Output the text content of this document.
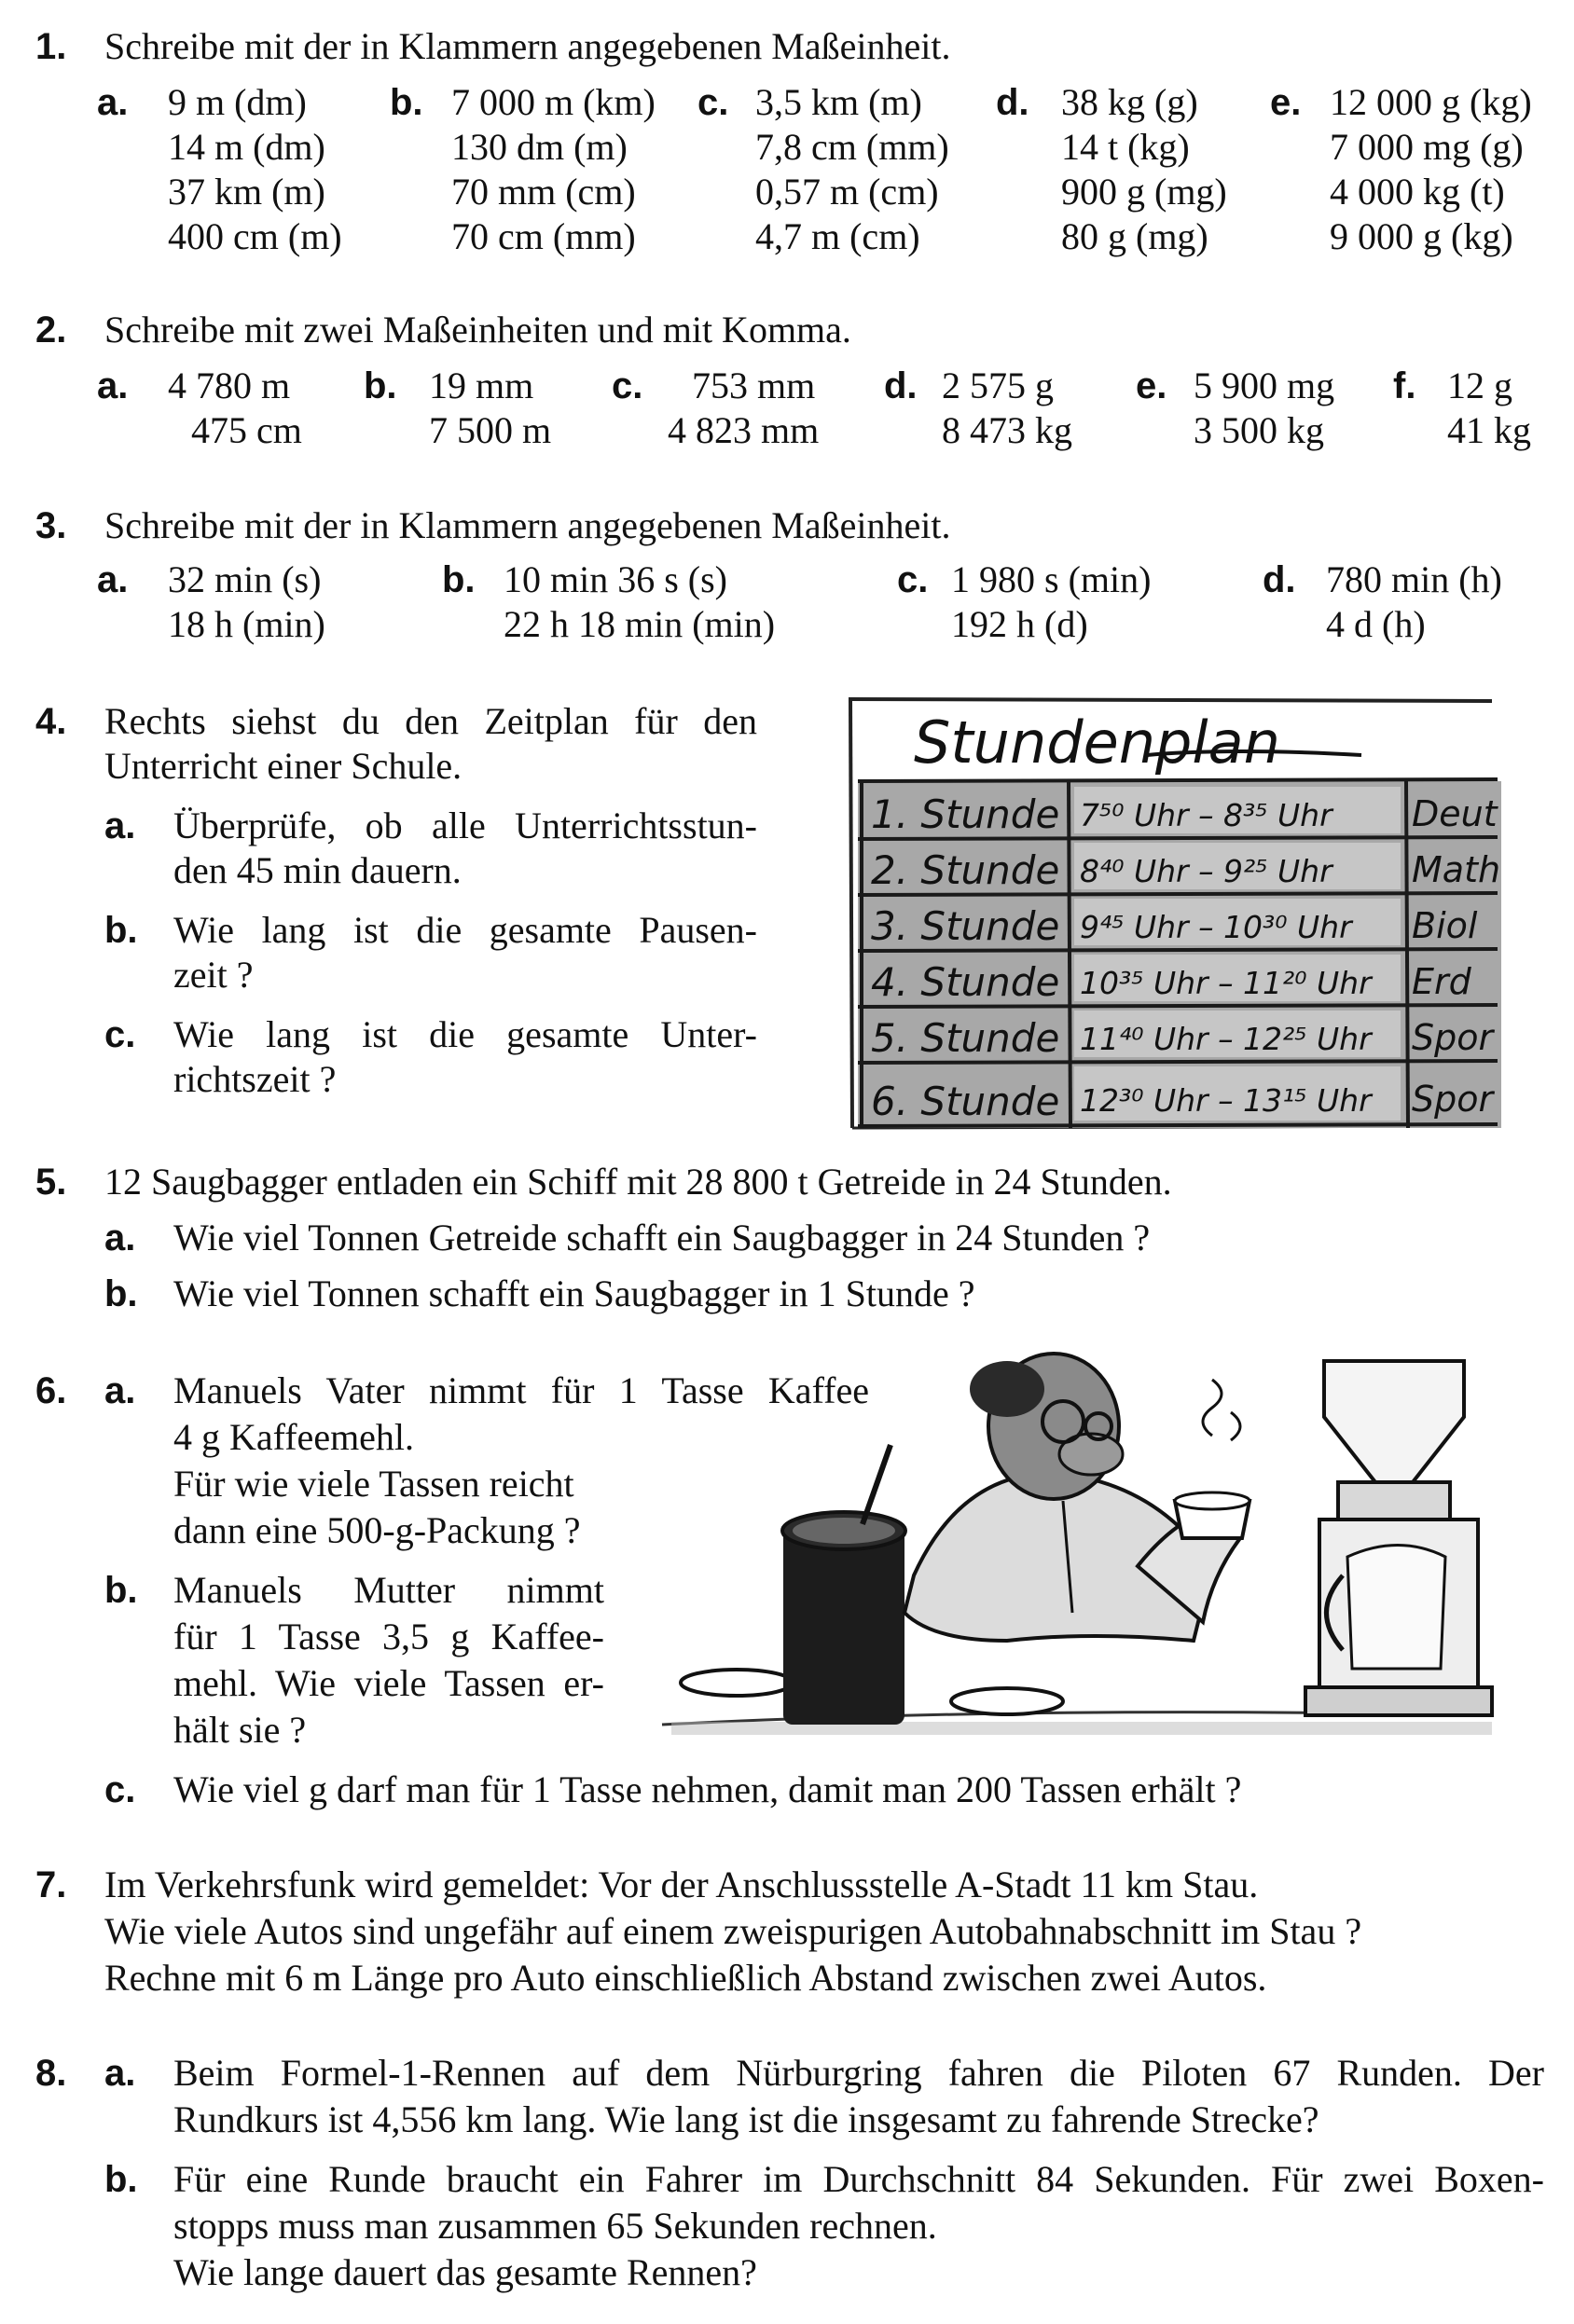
1. Schreibe mit der in Klammern angegebenen Maßeinheit.
a. 9 m (dm)
14 m (dm)
37 km (m)
400 cm (m)
b. 7 000 m (km)
130 dm (m)
70 mm (cm)
70 cm (mm)
c. 3,5 km (m)
7,8 cm (mm)
0,57 m (cm)
4,7 m (cm)
d. 38 kg (g)
14 t (kg)
900 g (mg)
80 g (mg)
e. 12 000 g (kg)
7 000 mg (g)
4 000 kg (t)
9 000 g (kg)
2. Schreibe mit zwei Maßeinheiten und mit Komma.
a. 4 780 m
475 cm
b. 19 mm
7 500 m
c. 753 mm
4 823 mm
d. 2 575 g
8 473 kg
e. 5 900 mg
3 500 kg
f. 12 g
41 kg
3. Schreibe mit der in Klammern angegebenen Maßeinheit.
a. 32 min (s)
18 h (min)
b. 10 min 36 s (s)
22 h 18 min (min)
c. 1 980 s (min)
192 h (d)
d. 780 min (h)
4 d (h)
4. Rechts siehst du den Zeitplan für den
Unterricht einer Schule.
a. Überprüfe, ob alle Unterrichtsstun-
den 45 min dauern.
b. Wie lang ist die gesamte Pausen-
zeit ?
c. Wie lang ist die gesamte Unter-
richtszeit ?
Stundenplan
1. Stunde
2. Stunde
3. Stunde
4. Stunde
5. Stunde
6. Stunde
7⁵⁰ Uhr – 8³⁵ Uhr
8⁴⁰ Uhr – 9²⁵ Uhr
9⁴⁵ Uhr – 10³⁰ Uhr
10³⁵ Uhr – 11²⁰ Uhr
11⁴⁰ Uhr – 12²⁵ Uhr
12³⁰ Uhr – 13¹⁵ Uhr
Deut
Math
Biol
Erd
Spor
Spor
5. 12 Saugbagger entladen ein Schiff mit 28 800 t Getreide in 24 Stunden.
a. Wie viel Tonnen Getreide schafft ein Saugbagger in 24 Stunden ?
b. Wie viel Tonnen schafft ein Saugbagger in 1 Stunde ?
6. a. Manuels Vater nimmt für 1 Tasse Kaffee
4 g Kaffeemehl.
Für wie viele Tassen reicht
dann eine 500-g-Packung ?
b. Manuels Mutter nimmt
für 1 Tasse 3,5 g Kaffee-
mehl. Wie viele Tassen er-
hält sie ?
c. Wie viel g darf man für 1 Tasse nehmen, damit man 200 Tassen erhält ?
7. Im Verkehrsfunk wird gemeldet: Vor der Anschlussstelle A-Stadt 11 km Stau.
Wie viele Autos sind ungefähr auf einem zweispurigen Autobahnabschnitt im Stau ?
Rechne mit 6 m Länge pro Auto einschließlich Abstand zwischen zwei Autos.
8. a. Beim Formel-1-Rennen auf dem Nürburgring fahren die Piloten 67 Runden. Der
Rundkurs ist 4,556 km lang. Wie lang ist die insgesamt zu fahrende Strecke?
b. Für eine Runde braucht ein Fahrer im Durchschnitt 84 Sekunden. Für zwei Boxen-
stopps muss man zusammen 65 Sekunden rechnen.
Wie lange dauert das gesamte Rennen?
